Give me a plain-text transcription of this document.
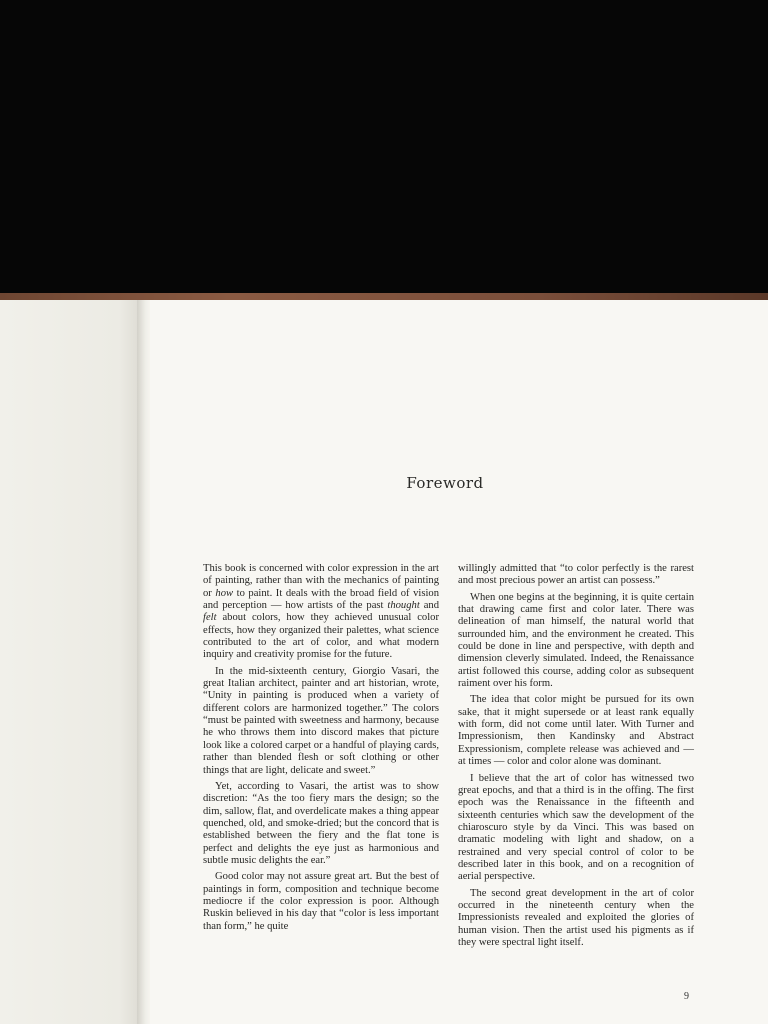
Foreword

This book is concerned with color expression in the art of painting, rather than with the mechanics of painting or how to paint. It deals with the broad field of vision and perception — how artists of the past thought and felt about colors, how they achieved unusual color effects, how they organized their palettes, what science contributed to the art of color, and what modern inquiry and creativity promise for the future.

In the mid-sixteenth century, Giorgio Vasari, the great Italian architect, painter and art historian, wrote, “Unity in painting is produced when a variety of different colors are harmonized together.” The colors “must be painted with sweetness and harmony, because he who throws them into discord makes that picture look like a colored carpet or a handful of playing cards, rather than blended flesh or soft clothing or other things that are light, delicate and sweet.”

Yet, according to Vasari, the artist was to show discretion: “As the too fiery mars the design; so the dim, sallow, flat, and overdelicate makes a thing appear quenched, old, and smoke-dried; but the concord that is established between the fiery and the flat tone is perfect and delights the eye just as harmonious and subtle music delights the ear.”

Good color may not assure great art. But the best of paintings in form, composition and technique become mediocre if the color expression is poor. Although Ruskin believed in his day that “color is less important than form,” he quite

willingly admitted that “to color perfectly is the rarest and most precious power an artist can possess.”

When one begins at the beginning, it is quite certain that drawing came first and color later. There was delineation of man himself, the natural world that surrounded him, and the environment he created. This could be done in line and perspective, with depth and dimension cleverly simulated. Indeed, the Renaissance artist followed this course, adding color as subsequent raiment over his form.

The idea that color might be pursued for its own sake, that it might supersede or at least rank equally with form, did not come until later. With Turner and Impressionism, then Kandinsky and Abstract Expressionism, complete release was achieved and — at times — color and color alone was dominant.

I believe that the art of color has witnessed two great epochs, and that a third is in the offing. The first epoch was the Renaissance in the fifteenth and sixteenth centuries which saw the development of the chiaroscuro style by da Vinci. This was based on dramatic modeling with light and shadow, on a restrained and very special control of color to be described later in this book, and on a recognition of aerial perspective.

The second great development in the art of color occurred in the nineteenth century when the Impressionists revealed and exploited the glories of human vision. Then the artist used his pigments as if they were spectral light itself.

9
